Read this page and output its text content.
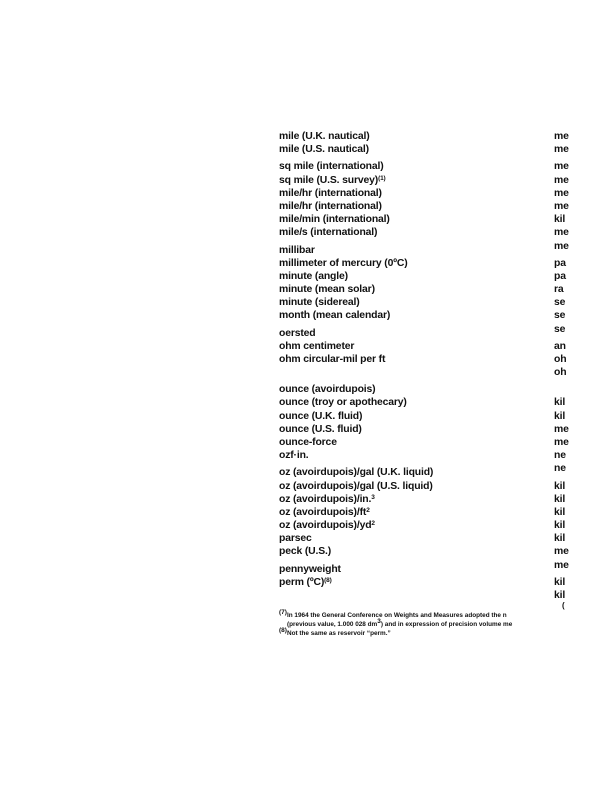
mile (U.K. nautical)
mile (U.S. nautical)
sq mile (international)
sq mile (U.S. survey)$^{(1)}$
mile/hr (international)
mile/hr (international)
mile/min (international)
mile/s (international)
millibar
millimeter of mercury (0ºC)
minute (angle)
minute (mean solar)
minute (sidereal)
month (mean calendar)
oersted
ohm centimeter
ohm circular-mil per ft
ounce (avoirdupois)
ounce (troy or apothecary)
ounce (U.K. fluid)
ounce (U.S. fluid)
ounce-force
ozf·in.
oz (avoirdupois)/gal (U.K. liquid)
oz (avoirdupois)/gal (U.S. liquid)
oz (avoirdupois)/in.$^3$
oz $(avoirdupois)/ft^2$
oz $(avoirdupois)/yd^2$
parsec
peck (U.S.)
pennyweight
perm (ºC)$^{(8)}$
me
me
me
me
me
me
kil
me
me
pa
pa
ra
se
se
se
an
oh
oh
kil
kil
me
me
ne
ne
kil
kil
kil
kil
kil
me
me
kil
kil
(
$^{(7)}$In 1964 the General Conference on Weights and Measures adopted the n
(previous value, 1.000 028 $dm^3$) and in expression of precision volume me
$^{(8)}$Not the same as reservoir “perm.”
